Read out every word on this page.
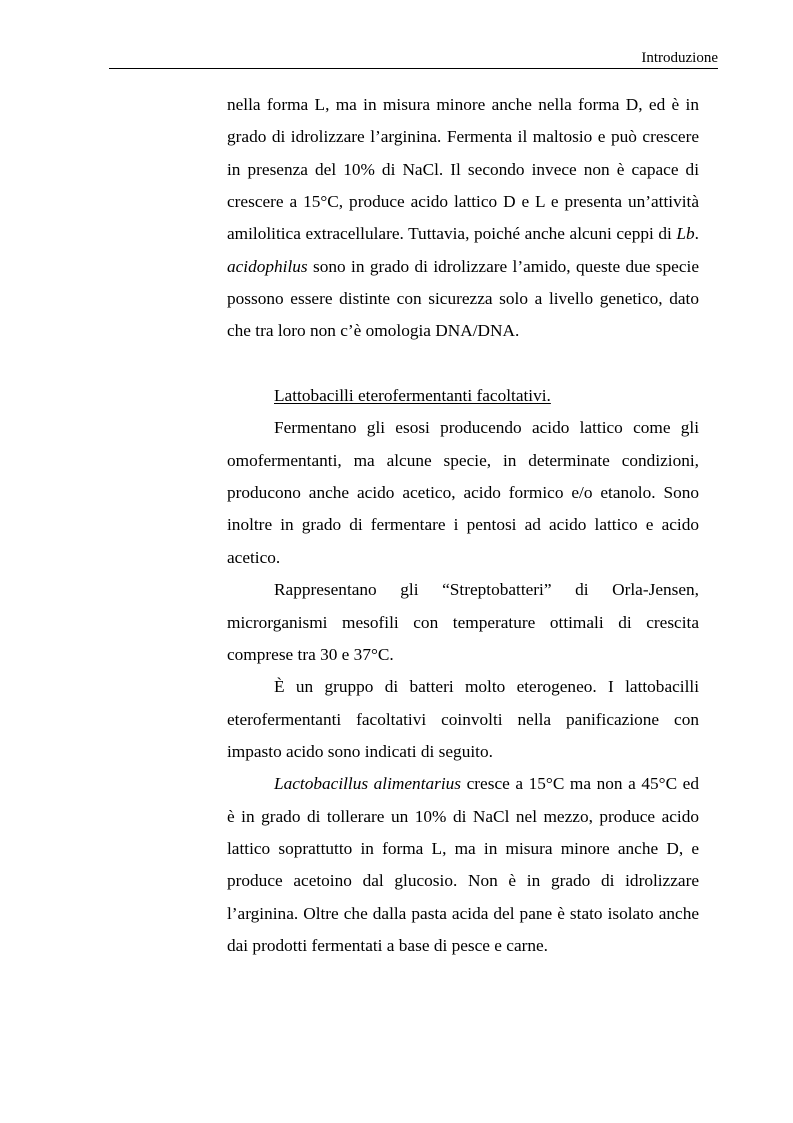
Introduzione

nella forma L, ma in misura minore anche nella forma D, ed è in grado di idrolizzare l’arginina. Fermenta il maltosio e può crescere in presenza del 10% di NaCl. Il secondo invece non è capace di crescere a 15°C, produce acido lattico D e L e presenta un’attività amilolitica extracellulare. Tuttavia, poiché anche alcuni ceppi di Lb. acidophilus sono in grado di idrolizzare l’amido, queste due specie possono essere distinte con sicurezza solo a livello genetico, dato che tra loro non c’è omologia DNA/DNA.

Lattobacilli eterofermentanti facoltativi.

Fermentano gli esosi producendo acido lattico come gli omofermentanti, ma alcune specie, in determinate condizioni, producono anche acido acetico, acido formico e/o etanolo. Sono inoltre in grado di fermentare i pentosi ad acido lattico e acido acetico.

Rappresentano gli “Streptobatteri” di Orla-Jensen, microrganismi mesofili con temperature ottimali di crescita comprese tra 30 e 37°C.

È un gruppo di batteri molto eterogeneo. I lattobacilli eterofermentanti facoltativi coinvolti nella panificazione con impasto acido sono indicati di seguito.

Lactobacillus alimentarius cresce a 15°C ma non a 45°C ed è in grado di tollerare un 10% di NaCl nel mezzo, produce acido lattico soprattutto in forma L, ma in misura minore anche D, e produce acetoino dal glucosio. Non è in grado di idrolizzare l’arginina. Oltre che dalla pasta acida del pane è stato isolato anche dai prodotti fermentati a base di pesce e carne.
